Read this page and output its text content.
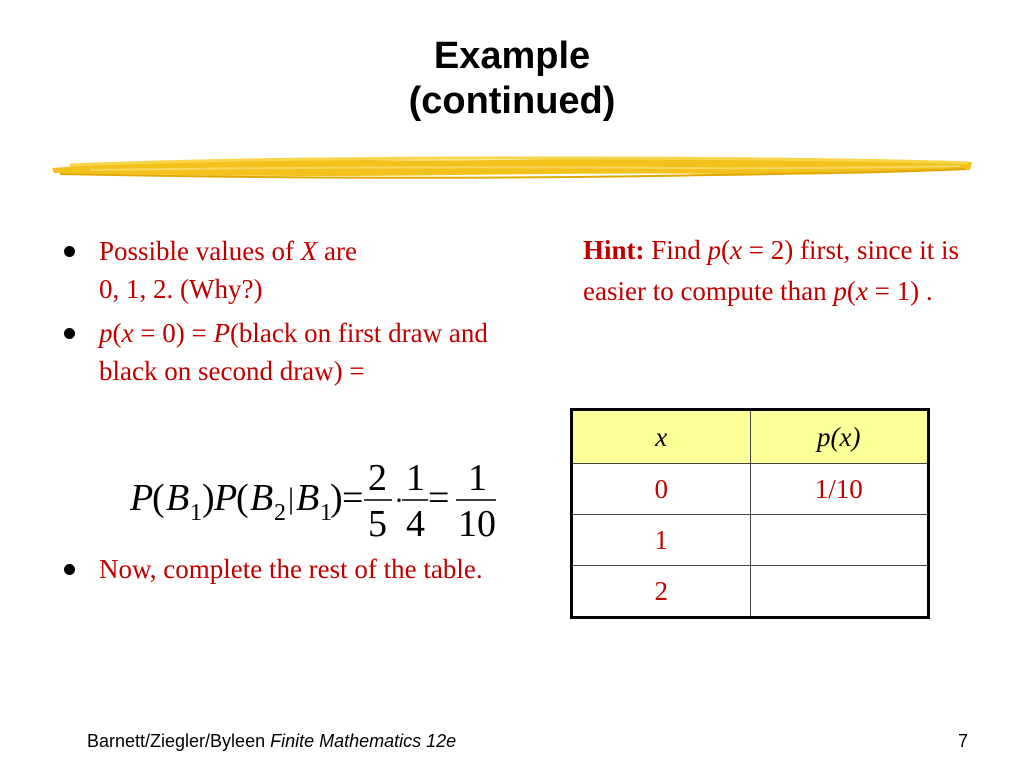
Example
(continued)
Possible values of X are
0, 1, 2. (Why?)
p(x = 0) = P(black on first draw and black on second draw) =
P
( B 1 ) P
( B 2 | B 1
) = 2
5
·
1
4
= 1
10
Now, complete the rest of the table.
Hint: Find p(x = 2) first, since it is easier to compute than p(x = 1) .
x	p(x)
0	1/10
1	
2	
Barnett/Ziegler/Byleen Finite Mathematics 12e	7
